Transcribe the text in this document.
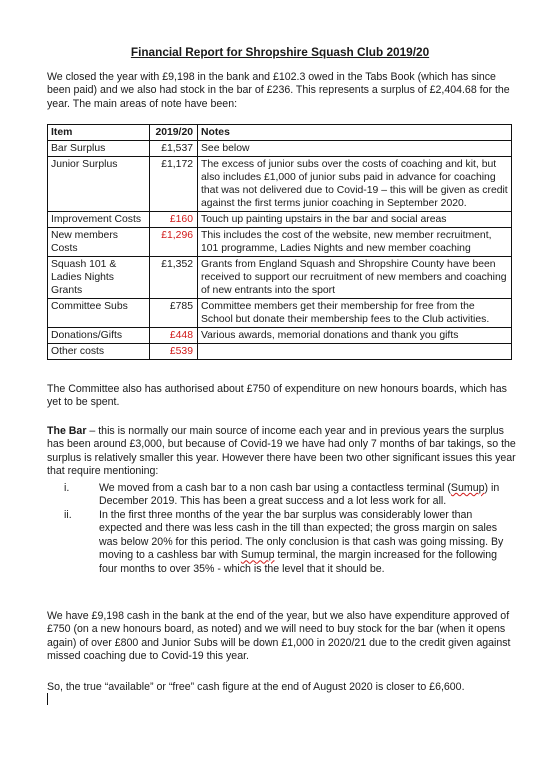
Financial Report for Shropshire Squash Club 2019/20

We closed the year with £9,198 in the bank and £102.3 owed in the Tabs Book (which has since been paid) and we also had stock in the bar of £236. This represents a surplus of £2,404.68 for the year. The main areas of note have been:

Item	2019/20	Notes
Bar Surplus	£1,537	See below
Junior Surplus	£1,172	The excess of junior subs over the costs of coaching and kit, but also includes £1,000 of junior subs paid in advance for coaching that was not delivered due to Covid-19 – this will be given as credit against the first terms junior coaching in September 2020.
Improvement Costs	£160	Touch up painting upstairs in the bar and social areas
New members Costs	£1,296	This includes the cost of the website, new member recruitment, 101 programme, Ladies Nights and new member coaching
Squash 101 & Ladies Nights Grants	£1,352	Grants from England Squash and Shropshire County have been received to support our recruitment of new members and coaching of new entrants into the sport
Committee Subs	£785	Committee members get their membership for free from the School but donate their membership fees to the Club activities.
Donations/Gifts	£448	Various awards, memorial donations and thank you gifts
Other costs	£539	

The Committee also has authorised about £750 of expenditure on new honours boards, which has yet to be spent.

The Bar – this is normally our main source of income each year and in previous years the surplus has been around £3,000, but because of Covid-19 we have had only 7 months of bar takings, so the surplus is relatively smaller this year. However there have been two other significant issues this year that require mentioning:

i.	We moved from a cash bar to a non cash bar using a contactless terminal (Sumup) in December 2019. This has been a great success and a lot less work for all.
ii.	In the first three months of the year the bar surplus was considerably lower than expected and there was less cash in the till than expected; the gross margin on sales was below 20% for this period. The only conclusion is that cash was going missing. By moving to a cashless bar with Sumup terminal, the margin increased for the following four months to over 35% - which is the level that it should be.

We have £9,198 cash in the bank at the end of the year, but we also have expenditure approved of £750 (on a new honours board, as noted) and we will need to buy stock for the bar (when it opens again) of over £800 and Junior Subs will be down £1,000 in 2020/21 due to the credit given against missed coaching due to Covid-19 this year.

So, the true “available” or “free” cash figure at the end of August 2020 is closer to £6,600.
